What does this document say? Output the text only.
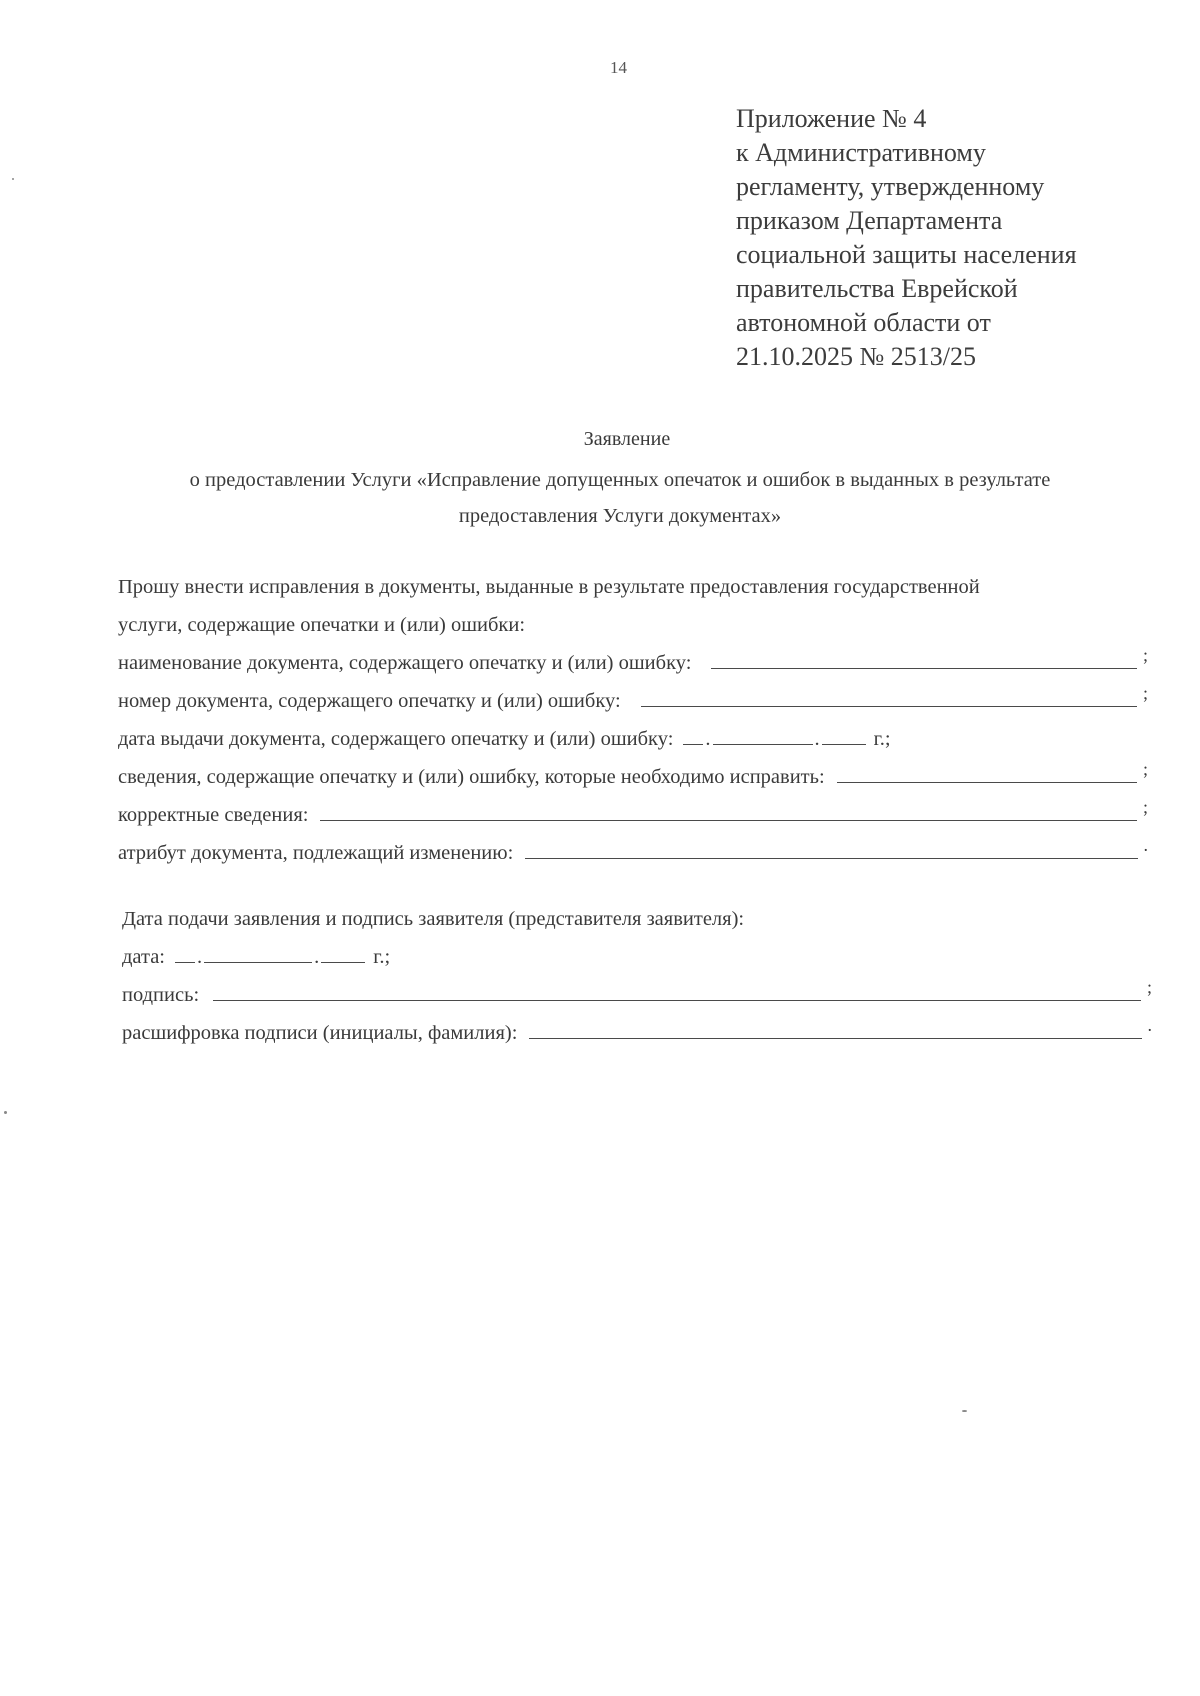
14
Приложение № 4
к Административному
регламенту, утвержденному
приказом Департамента
социальной защиты населения
правительства Еврейской
автономной области от
21.10.2025 № 2513/25
Заявление
о предоставлении Услуги «Исправление допущенных опечаток и ошибок в выданных в результате
предоставления Услуги документах»
Прошу внести исправления в документы, выданные в результате предоставления государственной
услуги, содержащие опечатки и (или) ошибки:
наименование документа, содержащего опечатку и (или) ошибку:	;
номер документа, содержащего опечатку и (или) ошибку:	;
дата выдачи документа, содержащего опечатку и (или) ошибку: .	.	г.;
сведения, содержащие опечатку и (или) ошибку, которые необходимо исправить:	;
корректные сведения:	;
атрибут документа, подлежащий изменению:	.
Дата подачи заявления и подпись заявителя (представителя заявителя):
дата: .	.	г.;
подпись:	;
расшифровка подписи (инициалы, фамилия):	.
